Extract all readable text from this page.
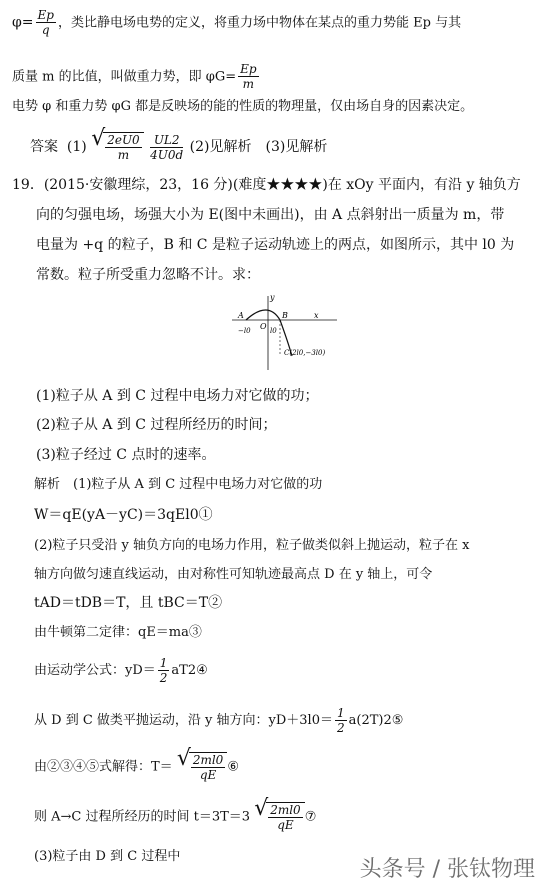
$\varphi= \frac{Ep}{q}$ ，类比静电场电势的定义，将重力场中物体在某点的重力势能 Ep 与其
质量 m 的比值，叫做重力势，即 $\varphi G= \frac{Ep}{m}$
电势 φ 和重力势 φG 都是反映场的能的性质的物理量，仅由场自身的因素决定。
答案 (1) √ $\frac{2eU0}{m}$
$\frac{UL2}{4U0d} (2)$见解析　(3)见解析
19．(2015·安徽理综，23，16 分)(难度★★★★)在 xOy 平面内，有沿 y 轴负方
向的匀强电场，场强大小为 E(图中未画出)，由 A 点斜射出一质量为 m，带
电量为 +q 的粒子，B 和 C 是粒子运动轨迹上的两点，如图所示，其中 l0 为
常数。粒子所受重力忽略不计。求：
y
x
A	B
O
−l0	l0
C(2l0,−3l0)
(1)粒子从 A 到 C 过程中电场力对它做的功；
(2)粒子从 A 到 C 过程所经历的时间；
(3)粒子经过 C 点时的速率。
解析　(1)粒子从 A 到 C 过程中电场力对它做的功
W＝qE(yA－yC)＝3qEl0①
(2)粒子只受沿 y 轴负方向的电场力作用，粒子做类似斜上抛运动，粒子在 x
轴方向做匀速直线运动，由对称性可知轨迹最高点 D 在 y 轴上，可令
tAD＝tDB＝T，且 tBC＝T②
由牛顿第二定律：qE＝ma③
由运动学公式：$yD= \frac{1}{2}$ aT2④
从 D 到 C 做类平抛运动，沿 y 轴方向：$yD+3l0= \frac{1}{2}$ a(2T)2⑤
由②③④⑤式解得：T＝ √ $\frac{2ml0}{qE}$ ⑥
则 A→C 过程所经历的时间 t＝3T＝3 √ $\frac{2ml0}{qE}$ ⑦
(3)粒子由 D 到 C 过程中
头条号 / 张钛物理
